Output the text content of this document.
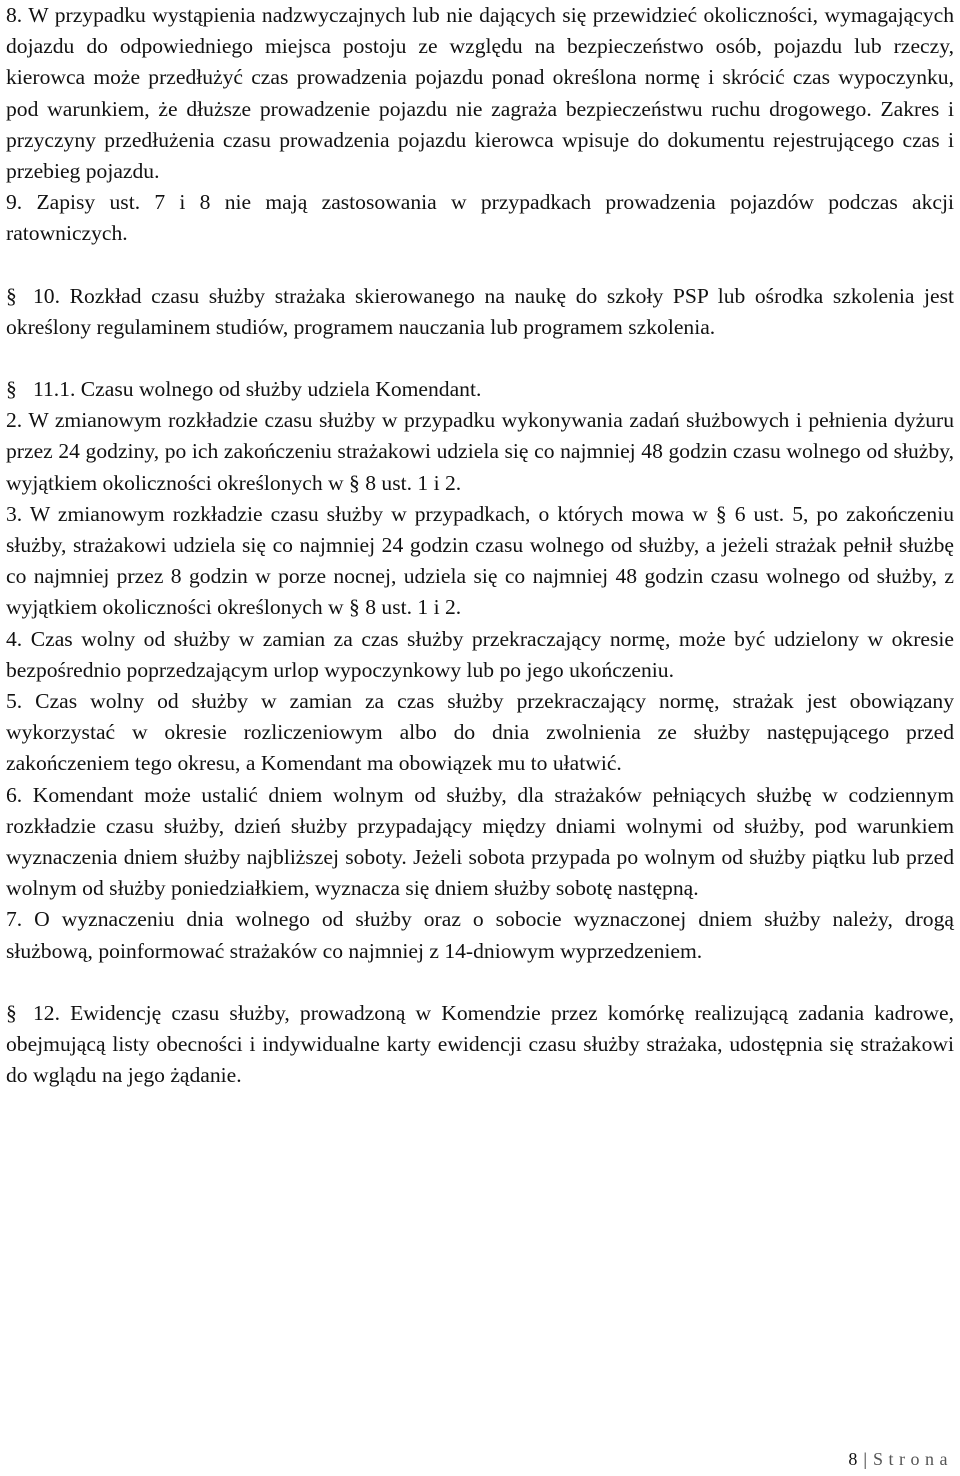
8. W przypadku wystąpienia nadzwyczajnych lub nie dających się przewidzieć okoliczności, wymagających dojazdu do odpowiedniego miejsca postoju ze względu na bezpieczeństwo osób, pojazdu lub rzeczy, kierowca może przedłużyć czas prowadzenia pojazdu ponad określona normę i skrócić czas wypoczynku, pod warunkiem, że dłuższe prowadzenie pojazdu nie zagraża bezpieczeństwu ruchu drogowego. Zakres i przyczyny przedłużenia czasu prowadzenia pojazdu kierowca wpisuje do dokumentu rejestrującego czas i przebieg pojazdu.
9. Zapisy ust. 7 i 8 nie mają zastosowania w przypadkach prowadzenia pojazdów podczas akcji ratowniczych.
§ 10. Rozkład czasu służby strażaka skierowanego na naukę do szkoły PSP lub ośrodka szkolenia jest określony regulaminem studiów, programem nauczania lub programem szkolenia.
§ 11.1. Czasu wolnego od służby udziela Komendant.
2. W zmianowym rozkładzie czasu służby w przypadku wykonywania zadań służbowych i pełnienia dyżuru przez 24 godziny, po ich zakończeniu strażakowi udziela się co najmniej 48 godzin czasu wolnego od służby, wyjątkiem okoliczności określonych w § 8 ust. 1 i 2.
3. W zmianowym rozkładzie czasu służby w przypadkach, o których mowa w § 6 ust. 5, po zakończeniu służby, strażakowi udziela się co najmniej 24 godzin czasu wolnego od służby, a jeżeli strażak pełnił służbę co najmniej przez 8 godzin w porze nocnej, udziela się co najmniej 48 godzin czasu wolnego od służby, z wyjątkiem okoliczności określonych w § 8 ust. 1 i 2.
4. Czas wolny od służby w zamian za czas służby przekraczający normę, może być udzielony w okresie bezpośrednio poprzedzającym urlop wypoczynkowy lub po jego ukończeniu.
5. Czas wolny od służby w zamian za czas służby przekraczający normę, strażak jest obowiązany wykorzystać w okresie rozliczeniowym albo do dnia zwolnienia ze służby następującego przed zakończeniem tego okresu, a Komendant ma obowiązek mu to ułatwić.
6. Komendant może ustalić dniem wolnym od służby, dla strażaków pełniących służbę w codziennym rozkładzie czasu służby, dzień służby przypadający między dniami wolnymi od służby, pod warunkiem wyznaczenia dniem służby najbliższej soboty. Jeżeli sobota przypada po wolnym od służby piątku lub przed wolnym od służby poniedziałkiem, wyznacza się dniem służby sobotę następną.
7. O wyznaczeniu dnia wolnego od służby oraz o sobocie wyznaczonej dniem służby należy, drogą służbową, poinformować strażaków co najmniej z 14-dniowym wyprzedzeniem.
§ 12. Ewidencję czasu służby, prowadzoną w Komendzie przez komórkę realizującą zadania kadrowe, obejmującą listy obecności i indywidualne karty ewidencji czasu służby strażaka, udostępnia się strażakowi do wglądu na jego żądanie.
8 | Strona
